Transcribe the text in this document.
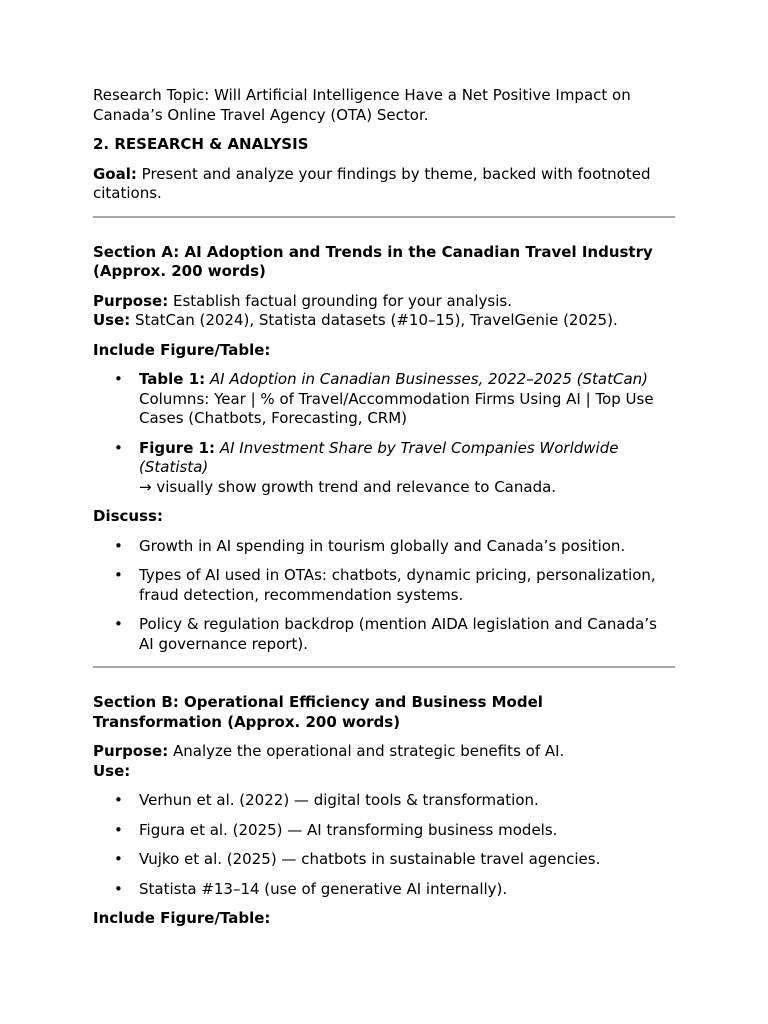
Research Topic: Will Artificial Intelligence Have a Net Positive Impact on Canada’s Online Travel Agency (OTA) Sector.

2. RESEARCH & ANALYSIS

Goal: Present and analyze your findings by theme, backed with footnoted citations.

Section A: AI Adoption and Trends in the Canadian Travel Industry (Approx. 200 words)

Purpose: Establish factual grounding for your analysis.
Use: StatCan (2024), Statista datasets (#10–15), TravelGenie (2025).

Include Figure/Table:

• Table 1: AI Adoption in Canadian Businesses, 2022–2025 (StatCan)
Columns: Year | % of Travel/Accommodation Firms Using AI | Top Use Cases (Chatbots, Forecasting, CRM)
• Figure 1: AI Investment Share by Travel Companies Worldwide (Statista)
→ visually show growth trend and relevance to Canada.

Discuss:

• Growth in AI spending in tourism globally and Canada’s position.
• Types of AI used in OTAs: chatbots, dynamic pricing, personalization, fraud detection, recommendation systems.
• Policy & regulation backdrop (mention AIDA legislation and Canada’s AI governance report).

Section B: Operational Efficiency and Business Model Transformation (Approx. 200 words)

Purpose: Analyze the operational and strategic benefits of AI.
Use:

• Verhun et al. (2022) — digital tools & transformation.
• Figura et al. (2025) — AI transforming business models.
• Vujko et al. (2025) — chatbots in sustainable travel agencies.
• Statista #13–14 (use of generative AI internally).

Include Figure/Table:
